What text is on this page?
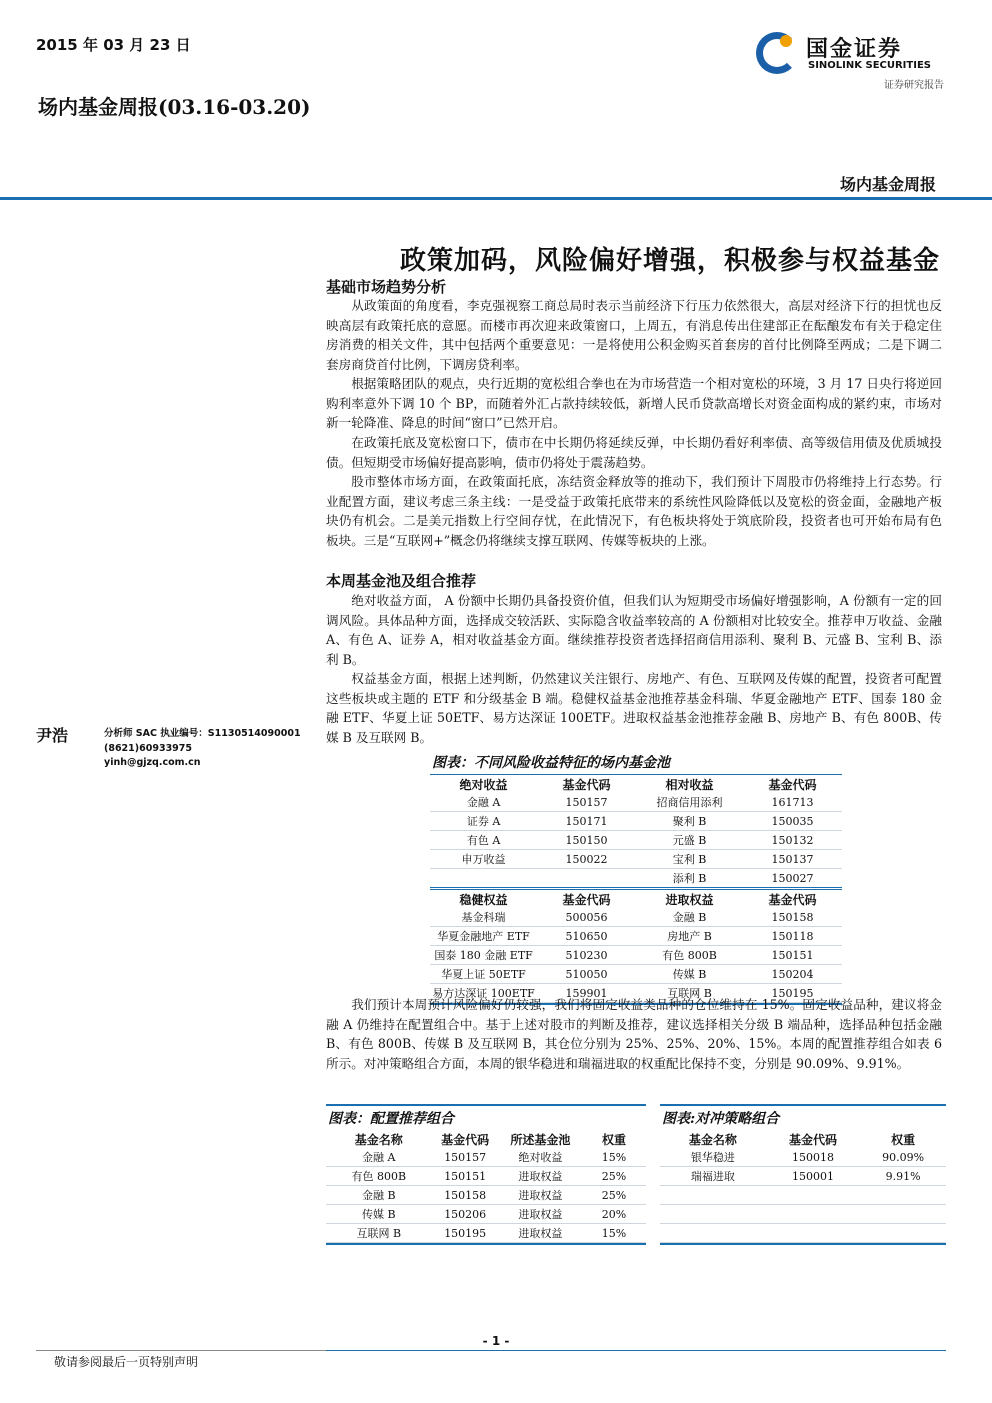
2015 年 03 月 23 日
场内基金周报(03.16-03.20)
国金证券
SINOLINK SECURITIES
证券研究报告
场内基金周报
政策加码，风险偏好增强，积极参与权益基金
基础市场趋势分析

从政策面的角度看，李克强视察工商总局时表示当前经济下行压力依然很大，高层对经济下行的担忧也反映高层有政策托底的意愿。而楼市再次迎来政策窗口，上周五，有消息传出住建部正在酝酿发布有关于稳定住房消费的相关文件，其中包括两个重要意见：一是将使用公积金购买首套房的首付比例降至两成；二是下调二套房商贷首付比例，下调房贷利率。

根据策略团队的观点，央行近期的宽松组合拳也在为市场营造一个相对宽松的环境，3 月 17 日央行将逆回购利率意外下调 10 个 BP，而随着外汇占款持续较低，新增人民币贷款高增长对资金面构成的紧约束，市场对新一轮降准、降息的时间“窗口”已然开启。

在政策托底及宽松窗口下，债市在中长期仍将延续反弹，中长期仍看好利率债、高等级信用债及优质城投债。但短期受市场偏好提高影响，债市仍将处于震荡趋势。

股市整体市场方面，在政策面托底，冻结资金释放等的推动下，我们预计下周股市仍将维持上行态势。行业配置方面，建议考虑三条主线：一是受益于政策托底带来的系统性风险降低以及宽松的资金面，金融地产板块仍有机会。二是美元指数上行空间存忧，在此情况下，有色板块将处于筑底阶段，投资者也可开始布局有色板块。三是“互联网+”概念仍将继续支撑互联网、传媒等板块的上涨。

本周基金池及组合推荐

绝对收益方面， A 份额中长期仍具备投资价值，但我们认为短期受市场偏好增强影响，A 份额有一定的回调风险。具体品种方面，选择成交较活跃、实际隐含收益率较高的 A 份额相对比较安全。推荐申万收益、金融 A、有色 A、证券 A，相对收益基金方面。继续推荐投资者选择招商信用添利、聚利 B、元盛 B、宝利 B、添利 B。

权益基金方面，根据上述判断，仍然建议关注银行、房地产、有色、互联网及传媒的配置，投资者可配置这些板块或主题的 ETF 和分级基金 B 端。稳健权益基金池推荐基金科瑞、华夏金融地产 ETF、国泰 180 金融 ETF、华夏上证 50ETF、易方达深证 100ETF。进取权益基金池推荐金融 B、房地产 B、有色 800B、传媒 B 及互联网 B。

尹浩	分析师 SAC 执业编号：S1130514090001
(8621)60933975
yinh@gjzq.com.cn	图表：不同风险收益特征的场内基金池
绝对收益	基金代码	相对收益	基金代码
金融 A	150157	招商信用添利	161713
证券 A	150171	聚利 B	150035
有色 A	150150	元盛 B	150132
申万收益	150022	宝利 B	150137
		添利 B	150027
稳健权益	基金代码	进取权益	基金代码
基金科瑞	500056	金融 B	150158
华夏金融地产 ETF	510650	房地产 B	150118
国泰 180 金融 ETF	510230	有色 800B	150151
华夏上证 50ETF	510050	传媒 B	150204
易方达深证 100ETF	159901	互联网 B	150195

我们预计本周预计风险偏好仍较强，我们将固定收益类品种的仓位维持在 15%。固定收益品种，建议将金融 A 仍维持在配置组合中。基于上述对股市的判断及推荐，建议选择相关分级 B 端品种，选择品种包括金融 B、有色 800B、传媒 B 及互联网 B，其仓位分别为 25%、25%、20%、15%。本周的配置推荐组合如表 6 所示。对冲策略组合方面，本周的银华稳进和瑞福进取的权重配比保持不变，分别是 90.09%、9.91%。

图表：配置推荐组合
基金名称	基金代码	所述基金池	权重
金融 A	150157	绝对收益	15%
有色 800B	150151	进取权益	25%
金融 B	150158	进取权益	25%
传媒 B	150206	进取权益	20%
互联网 B	150195	进取权益	15%
图表:对冲策略组合
基金名称	基金代码	权重
银华稳进	150018	90.09%
瑞福进取	150001	9.91%

- 1 -
敬请参阅最后一页特别声明
